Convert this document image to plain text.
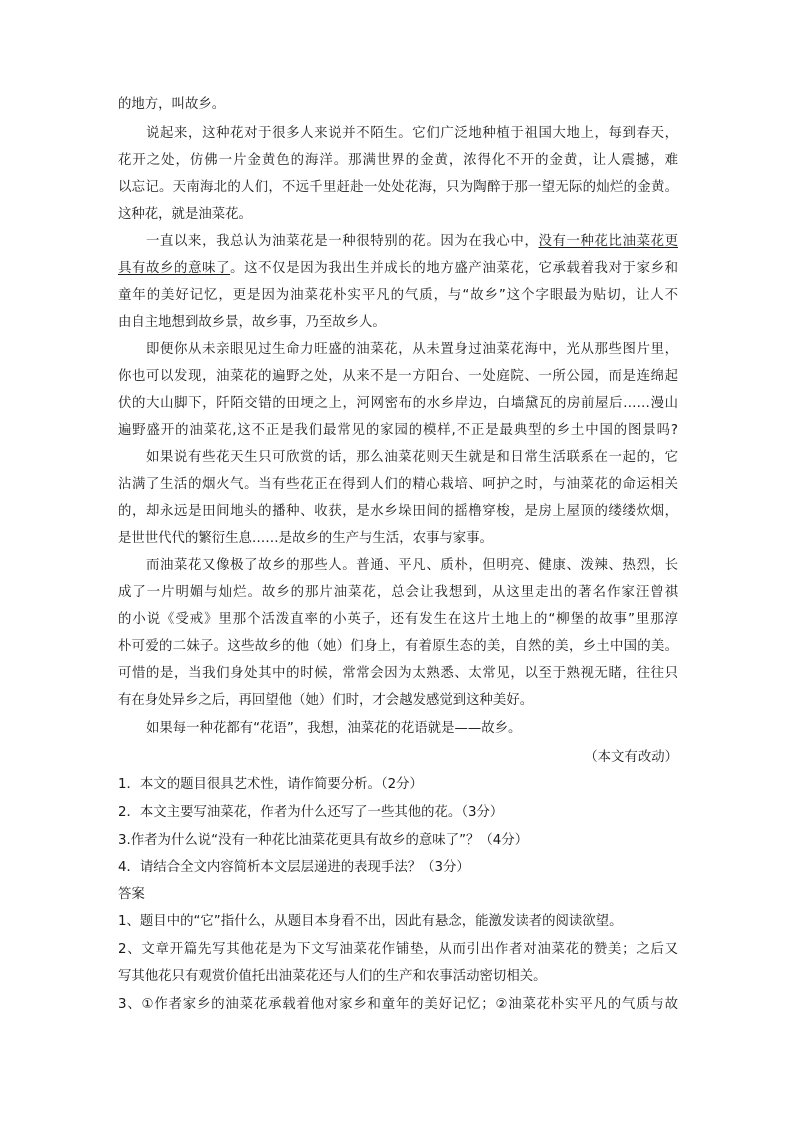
的地方，叫故乡。
说起来，这种花对于很多人来说并不陌生。它们广泛地种植于祖国大地上，每到春天，
花开之处，仿佛一片金黄色的海洋。那满世界的金黄，浓得化不开的金黄，让人震撼，难
以忘记。天南海北的人们，不远千里赶赴一处处花海，只为陶醉于那一望无际的灿烂的金黄。
这种花，就是油菜花。
一直以来，我总认为油菜花是一种很特别的花。因为在我心中，没有一种花比油菜花更
具有故乡的意味了。这不仅是因为我出生并成长的地方盛产油菜花，它承载着我对于家乡和
童年的美好记忆，更是因为油菜花朴实平凡的气质，与“故乡”这个字眼最为贴切，让人不
由自主地想到故乡景，故乡事，乃至故乡人。
即便你从未亲眼见过生命力旺盛的油菜花，从未置身过油菜花海中，光从那些图片里，
你也可以发现，油菜花的遍野之处，从来不是一方阳台、一处庭院、一所公园，而是连绵起
伏的大山脚下，阡陌交错的田埂之上，河网密布的水乡岸边，白墙黛瓦的房前屋后……漫山
遍野盛开的油菜花,这不正是我们最常见的家园的模样,不正是最典型的乡土中国的图景吗?
如果说有些花天生只可欣赏的话，那么油菜花则天生就是和日常生活联系在一起的，它
沾满了生活的烟火气。当有些花正在得到人们的精心栽培、呵护之时，与油菜花的命运相关
的，却永远是田间地头的播种、收获，是水乡垛田间的摇橹穿梭，是房上屋顶的缕缕炊烟，
是世世代代的繁衍生息……是故乡的生产与生活，农事与家事。
而油菜花又像极了故乡的那些人。普通、平凡、质朴，但明亮、健康、泼辣、热烈，长
成了一片明媚与灿烂。故乡的那片油菜花，总会让我想到，从这里走出的著名作家汪曾祺
的小说《受戒》里那个活泼直率的小英子，还有发生在这片土地上的“柳堡的故事”里那淳
朴可爱的二妹子。这些故乡的他（她）们身上，有着原生态的美，自然的美，乡土中国的美。
可惜的是，当我们身处其中的时候，常常会因为太熟悉、太常见，以至于熟视无睹，往往只
有在身处异乡之后，再回望他（她）们时，才会越发感觉到这种美好。
如果每一种花都有“花语”，我想，油菜花的花语就是——故乡。
（本文有改动）
1．本文的题目很具艺术性，请作简要分析。（2分）
2．本文主要写油菜花，作者为什么还写了一些其他的花。（3分）
3.作者为什么说“没有一种花比油菜花更具有故乡的意味了”？（4分）
4．请结合全文内容简析本文层层递进的表现手法？（3分）
答案
1、题目中的“它”指什么，从题目本身看不出，因此有悬念，能激发读者的阅读欲望。
2、文章开篇先写其他花是为下文写油菜花作铺垫，从而引出作者对油菜花的赞美；之后又
写其他花只有观赏价值托出油菜花还与人们的生产和农事活动密切相关。
3、①作者家乡的油菜花承载着他对家乡和童年的美好记忆；②油菜花朴实平凡的气质与故
